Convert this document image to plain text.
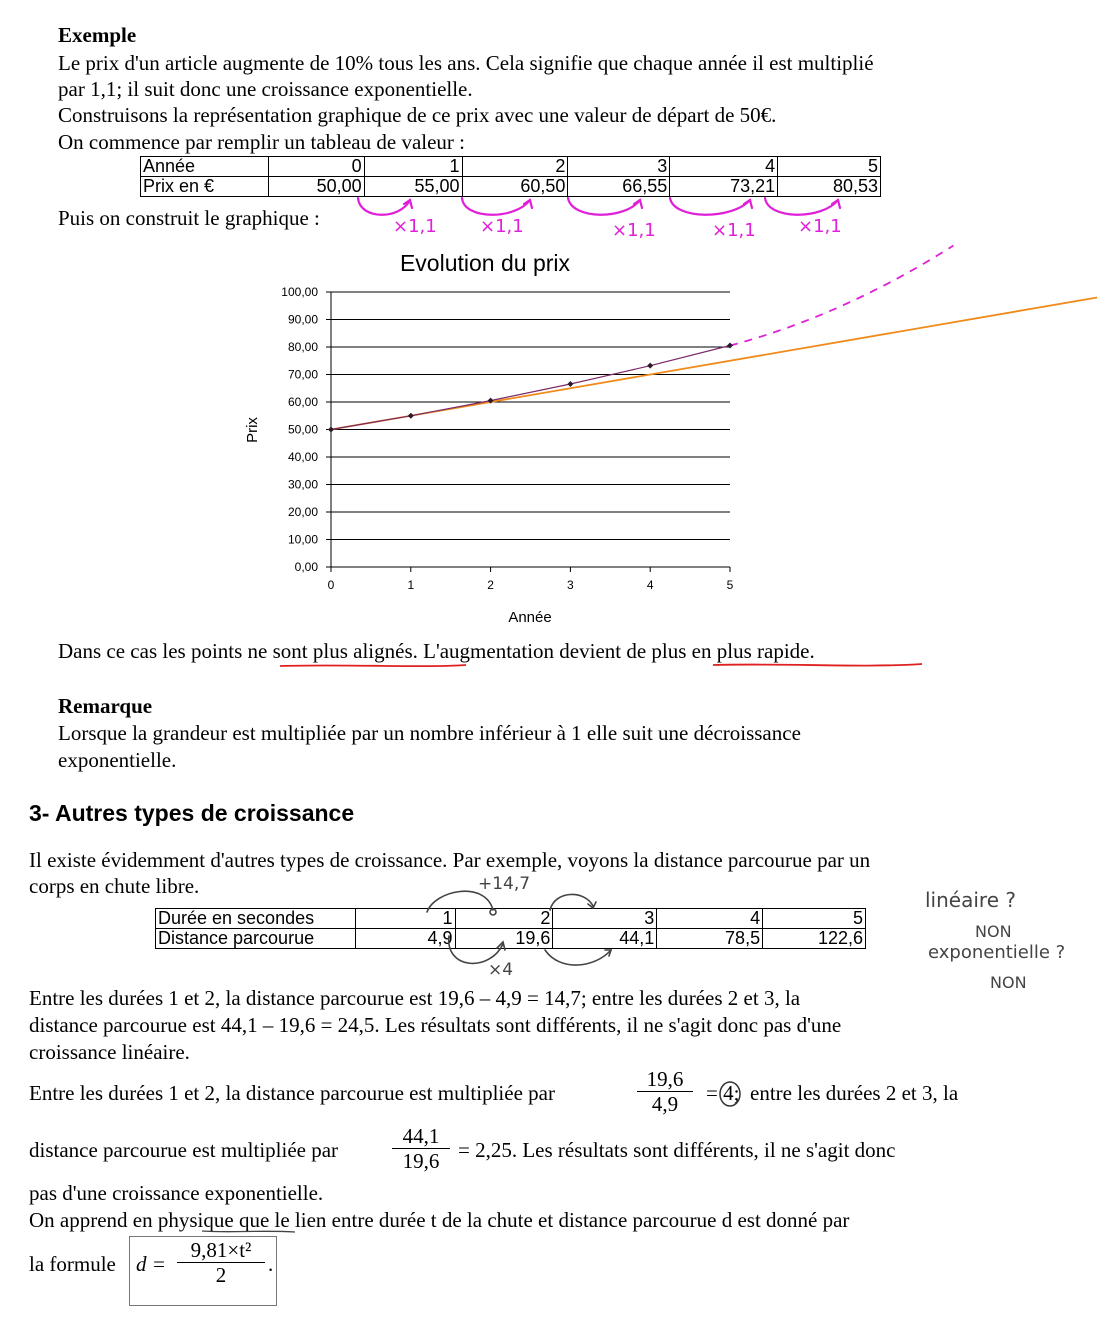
Exemple
Le prix d'un article augmente de 10% tous les ans. Cela signifie que chaque année il est multiplié
par 1,1; il suit donc une croissance exponentielle.
Construisons la représentation graphique de ce prix avec une valeur de départ de 50€.
On commence par remplir un tableau de valeur :
Année	0	1	2	3	4	5
Prix en €	50,00	55,00	60,50	66,55	73,21	80,53
Puis on construit le graphique :	×1,1 ×1,1	×1,1	×1,1 ×1,1
Evolution du prix
Prix
Année
0,00
10,00
20,00
30,00
40,00
50,00
60,00
70,00
80,00
90,00
100,00
0	1	2	3	4	5
Dans ce cas les points ne sont plus alignés. L'augmentation devient de plus en plus rapide.
Remarque
Lorsque la grandeur est multipliée par un nombre inférieur à 1 elle suit une décroissance
exponentielle.
3- Autres types de croissance
Il existe évidemment d'autres types de croissance. Par exemple, voyons la distance parcourue par un
corps en chute libre.
Durée en secondes	1	2	3	4	5
Distance parcourue	4,9	19,6	44,1	78,5	122,6
+14,7
×4
linéaire ?
NON
exponentielle ?
NON
Entre les durées 1 et 2, la distance parcourue est 19,6 – 4,9 = 14,7; entre les durées 2 et 3, la
distance parcourue est 44,1 – 19,6 = 24,5. Les résultats sont différents, il ne s'agit donc pas d'une
croissance linéaire.
Entre les durées 1 et 2, la distance parcourue est multipliée par	$\frac{19,6}{4,9} = 4$; entre les durées 2 et 3, la
distance parcourue est multipliée par	$\frac{44,1}{19,6} = 2,25$. Les résultats sont différents, il ne s'agit donc
pas d'une croissance exponentielle.
On apprend en physique que le lien entre durée t de la chute et distance parcourue d est donné par
la formule $d = \frac{\text{9,81×t²}}{2}$ .
